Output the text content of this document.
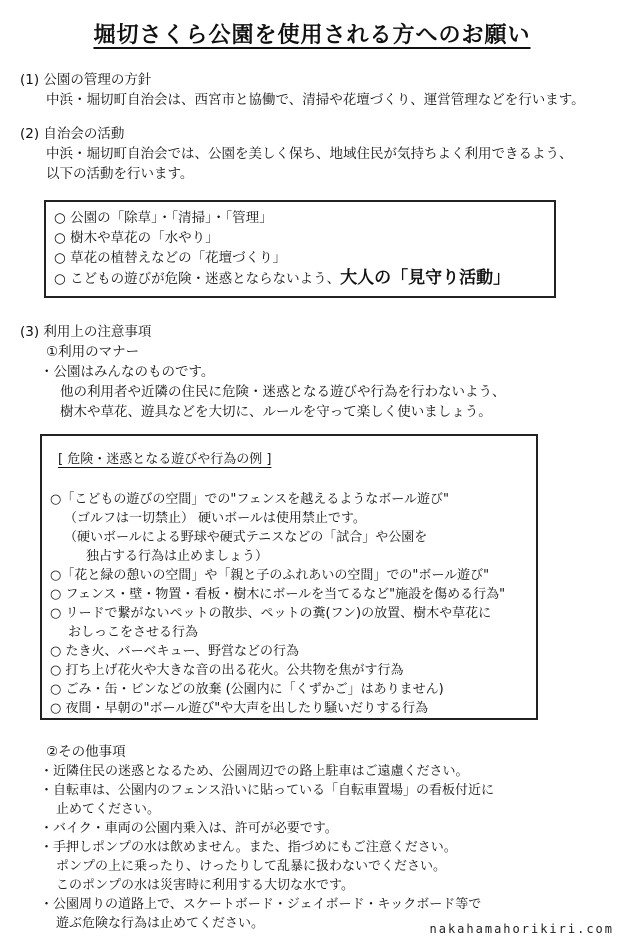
堀切さくら公園を使用される方へのお願い
(1) 公園の管理の方針
中浜・堀切町自治会は、西宮市と協働で、清掃や花壇づくり、運営管理などを行います。
(2) 自治会の活動
中浜・堀切町自治会では、公園を美しく保ち、地域住民が気持ちよく利用できるよう、
以下の活動を行います。
○ 公園の「除草」・「清掃」・「管理」
○ 樹木や草花の「水やり」
○ 草花の植替えなどの「花壇づくり」
○ こどもの遊びが危険・迷惑とならないよう、大人の「見守り活動」
(3) 利用上の注意事項
①利用のマナー
・公園はみんなのものです。
他の利用者や近隣の住民に危険・迷惑となる遊びや行為を行わないよう、
樹木や草花、遊具などを大切に、ルールを守って楽しく使いましょう。
[ 危険・迷惑となる遊びや行為の例 ]
○「こどもの遊びの空間」での"フェンスを越えるようなボール遊び"
（ゴルフは一切禁止） 硬いボールは使用禁止です。
（硬いボールによる野球や硬式テニスなどの「試合」や公園を
独占する行為は止めましょう）
○「花と緑の憩いの空間」や「親と子のふれあいの空間」での"ボール遊び"
○ フェンス・壁・物置・看板・樹木にボールを当てるなど"施設を傷める行為"
○ リードで繋がないペットの散歩、ペットの糞(フン)の放置、樹木や草花に
おしっこをさせる行為
○ たき火、バーベキュー、野営などの行為
○ 打ち上げ花火や大きな音の出る花火。公共物を焦がす行為
○ ごみ・缶・ビンなどの放棄 (公園内に「くずかご」はありません)
○ 夜間・早朝の"ボール遊び"や大声を出したり騒いだりする行為
②その他事項
・近隣住民の迷惑となるため、公園周辺での路上駐車はご遠慮ください。
・自転車は、公園内のフェンス沿いに貼っている「自転車置場」の看板付近に
止めてください。
・バイク・車両の公園内乗入は、許可が必要です。
・手押しポンプの水は飲めません。また、指づめにもご注意ください。
ポンプの上に乗ったり、けったりして乱暴に扱わないでください。
このポンプの水は災害時に利用する大切な水です。
・公園周りの道路上で、スケートボード・ジェイボード・キックボード等で
遊ぶ危険な行為は止めてください。	nakahamahorikiri.com
